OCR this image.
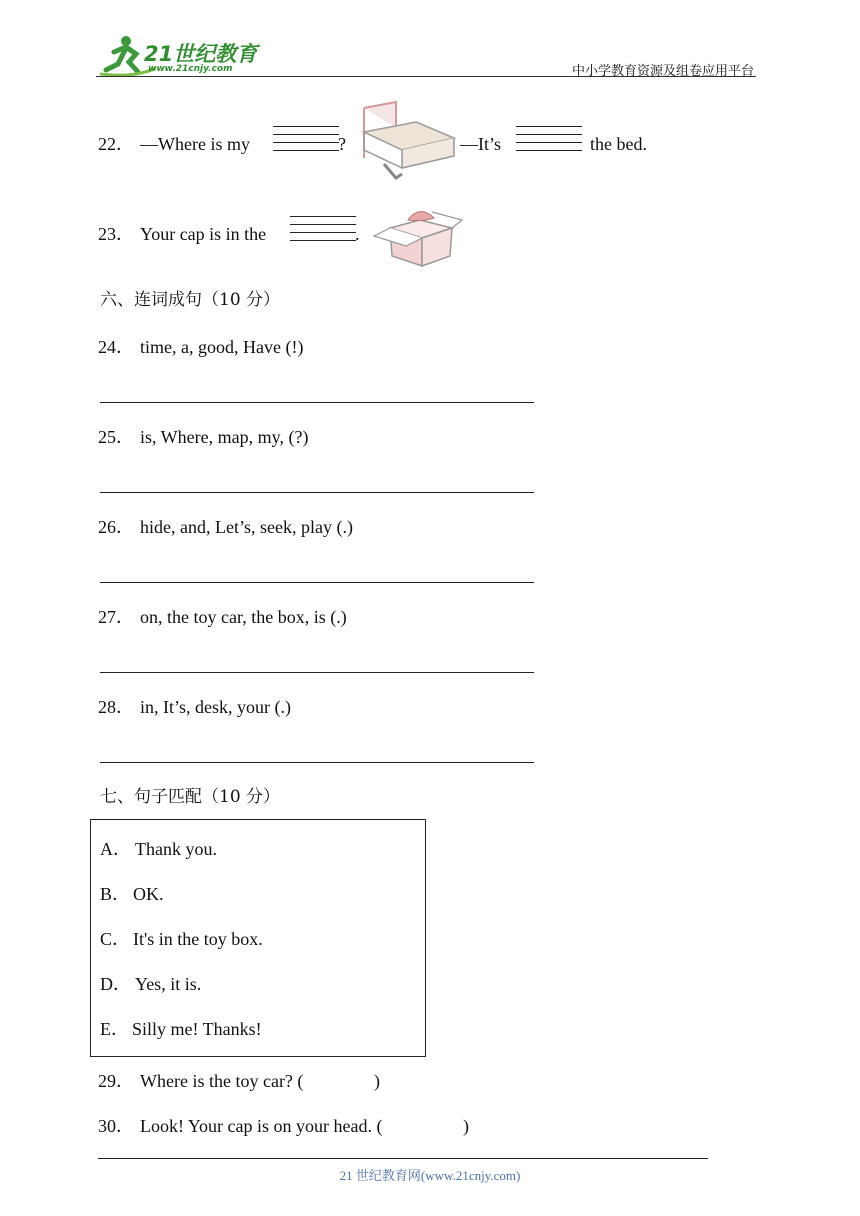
21世纪教育
www.21cnjy.com	中小学教育资源及组卷应用平台
22． —Where is my	?	—It’s	the bed.
23． Your cap is in the	.
六、连词成句（10 分）
24． time, a, good, Have (!)
25． is, Where, map, my, (?)
26． hide, and, Let’s, seek, play (.)
27． on, the toy car, the box, is (.)
28． in, It’s, desk, your (.)
七、句子匹配（10 分）
A． Thank you.
B． OK.
C． It's in the toy box.
D． Yes, it is.
E． Silly me! Thanks!
29． Where is the toy car? (	)
30． Look! Your cap is on your head. (	)
21 世纪教育网(www.21cnjy.com)
